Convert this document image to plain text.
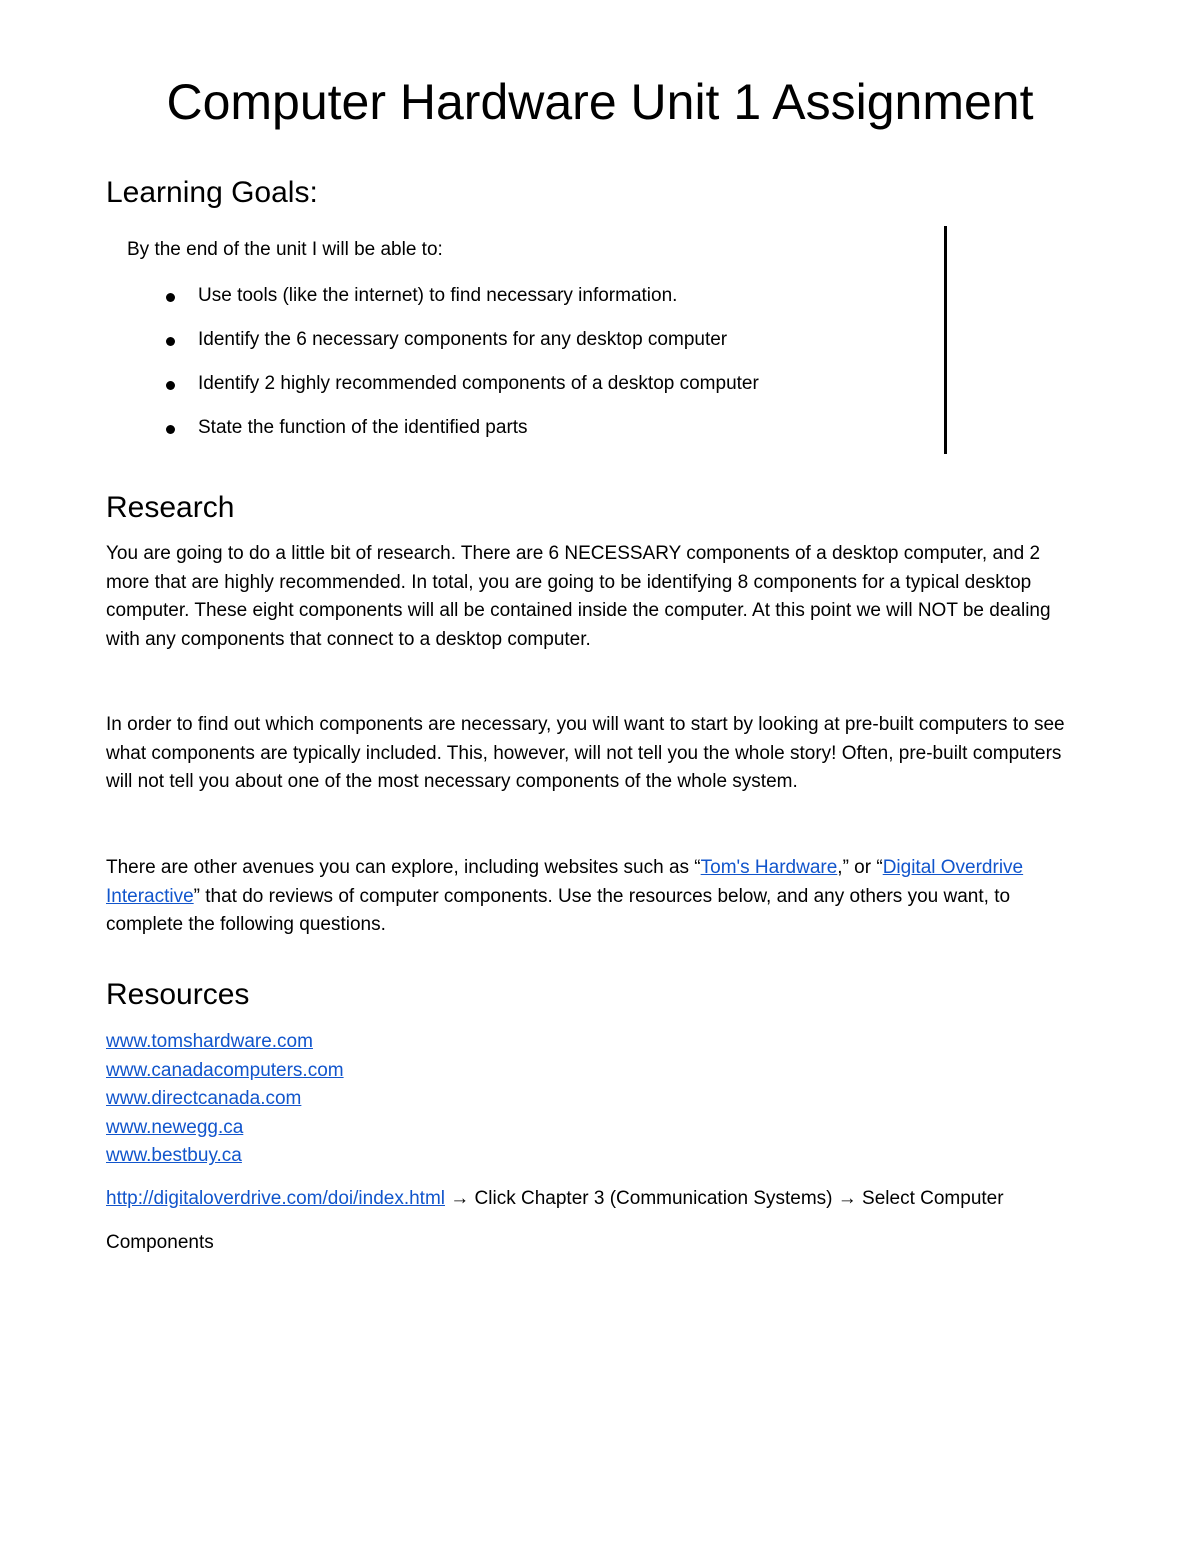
Computer Hardware Unit 1 Assignment
Learning Goals:

By the end of the unit I will be able to:

Use tools (like the internet) to find necessary information.
Identify the 6 necessary components for any desktop computer
Identify 2 highly recommended components of a desktop computer
State the function of the identified parts
Research

You are going to do a little bit of research. There are 6 NECESSARY components of a desktop computer, and 2 more that are highly recommended. In total, you are going to be identifying 8 components for a typical desktop computer. These eight components will all be contained inside the computer. At this point we will NOT be dealing with any components that connect to a desktop computer.

In order to find out which components are necessary, you will want to start by looking at pre-built computers to see what components are typically included. This, however, will not tell you the whole story! Often, pre-built computers will not tell you about one of the most necessary components of the whole system.

There are other avenues you can explore, including websites such as “Tom's Hardware,” or “Digital Overdrive Interactive” that do reviews of computer components. Use the resources below, and any others you want, to complete the following questions.

Resources
www.tomshardware.com
www.canadacomputers.com
www.directcanada.com
www.newegg.ca
www.bestbuy.ca

http://digitaloverdrive.com/doi/index.html → Click Chapter 3 (Communication Systems) → Select Computer Components
